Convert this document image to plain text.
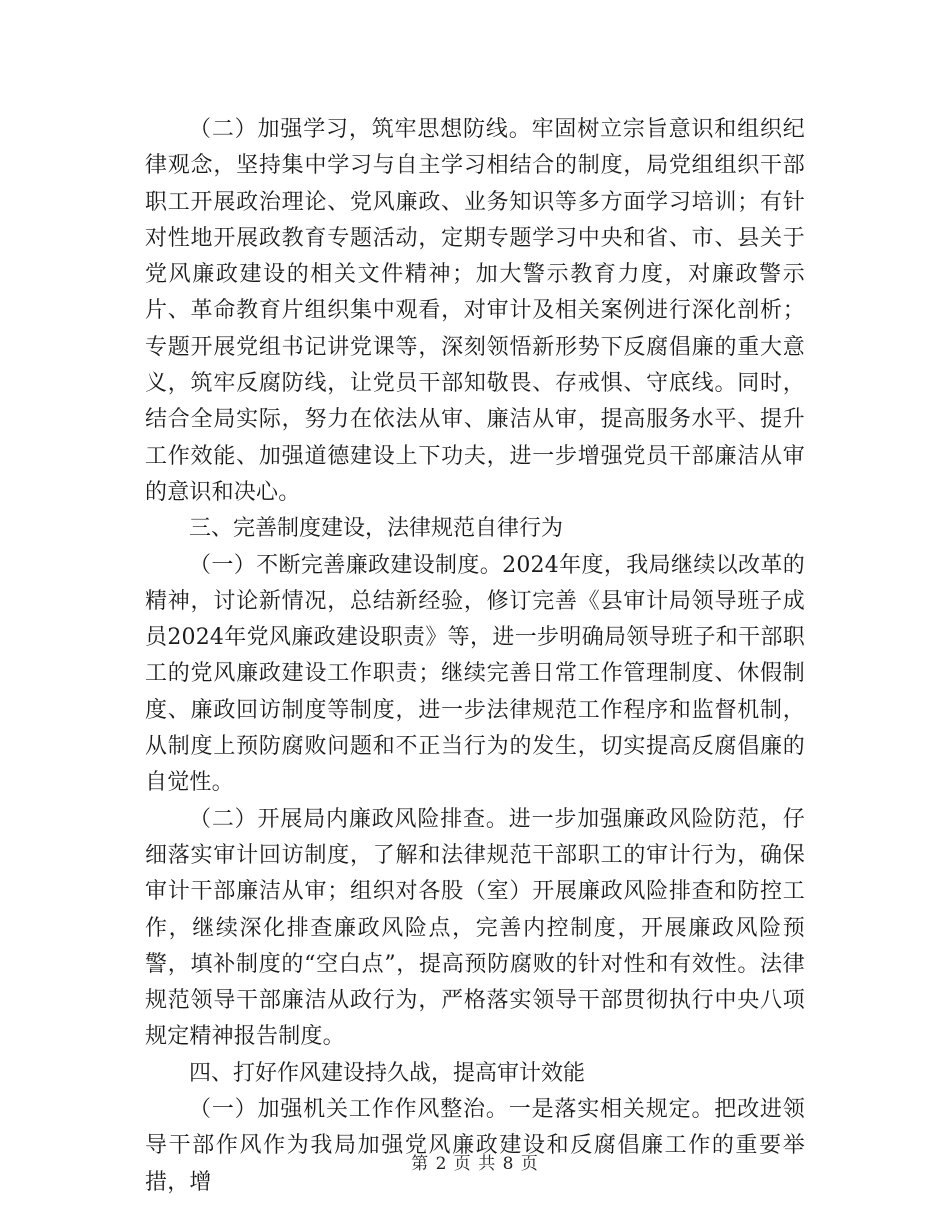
（二）加强学习，筑牢思想防线。牢固树立宗旨意识和组织纪律观念，坚持集中学习与自主学习相结合的制度，局党组组织干部职工开展政治理论、党风廉政、业务知识等多方面学习培训；有针对性地开展政教育专题活动，定期专题学习中央和省、市、县关于党风廉政建设的相关文件精神；加大警示教育力度，对廉政警示片、革命教育片组织集中观看，对审计及相关案例进行深化剖析；专题开展党组书记讲党课等，深刻领悟新形势下反腐倡廉的重大意义，筑牢反腐防线，让党员干部知敬畏、存戒惧、守底线。同时，结合全局实际，努力在依法从审、廉洁从审，提高服务水平、提升工作效能、加强道德建设上下功夫，进一步增强党员干部廉洁从审的意识和决心。

三、完善制度建设，法律规范自律行为

（一）不断完善廉政建设制度。2024年度，我局继续以改革的精神，讨论新情况，总结新经验，修订完善《县审计局领导班子成员2024年党风廉政建设职责》等，进一步明确局领导班子和干部职工的党风廉政建设工作职责；继续完善日常工作管理制度、休假制度、廉政回访制度等制度，进一步法律规范工作程序和监督机制，从制度上预防腐败问题和不正当行为的发生，切实提高反腐倡廉的自觉性。

（二）开展局内廉政风险排查。进一步加强廉政风险防范，仔细落实审计回访制度，了解和法律规范干部职工的审计行为，确保审计干部廉洁从审；组织对各股（室）开展廉政风险排查和防控工作，继续深化排查廉政风险点，完善内控制度，开展廉政风险预警，填补制度的“空白点”，提高预防腐败的针对性和有效性。法律规范领导干部廉洁从政行为，严格落实领导干部贯彻执行中央八项规定精神报告制度。

四、打好作风建设持久战，提高审计效能

（一）加强机关工作作风整治。一是落实相关规定。把改进领导干部作风作为我局加强党风廉政建设和反腐倡廉工作的重要举措，增

第 2 页 共 8 页
